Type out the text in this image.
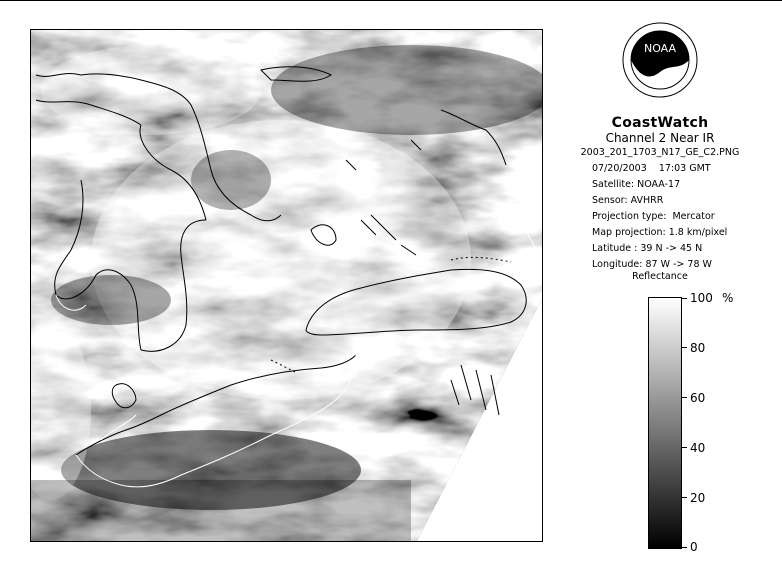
NOAA
CoastWatch
Channel 2 Near IR
2003_201_1703_N17_GE_C2.PNG
07/20/2003    17:03 GMT
Satellite: NOAA-17
Sensor: AVHRR
Projection type:  Mercator
Map projection: 1.8 km/pixel
Latitude : 39 N -> 45 N
Longitude: 87 W -> 78 W
Reflectance
%
100
80
60
40
20
0
